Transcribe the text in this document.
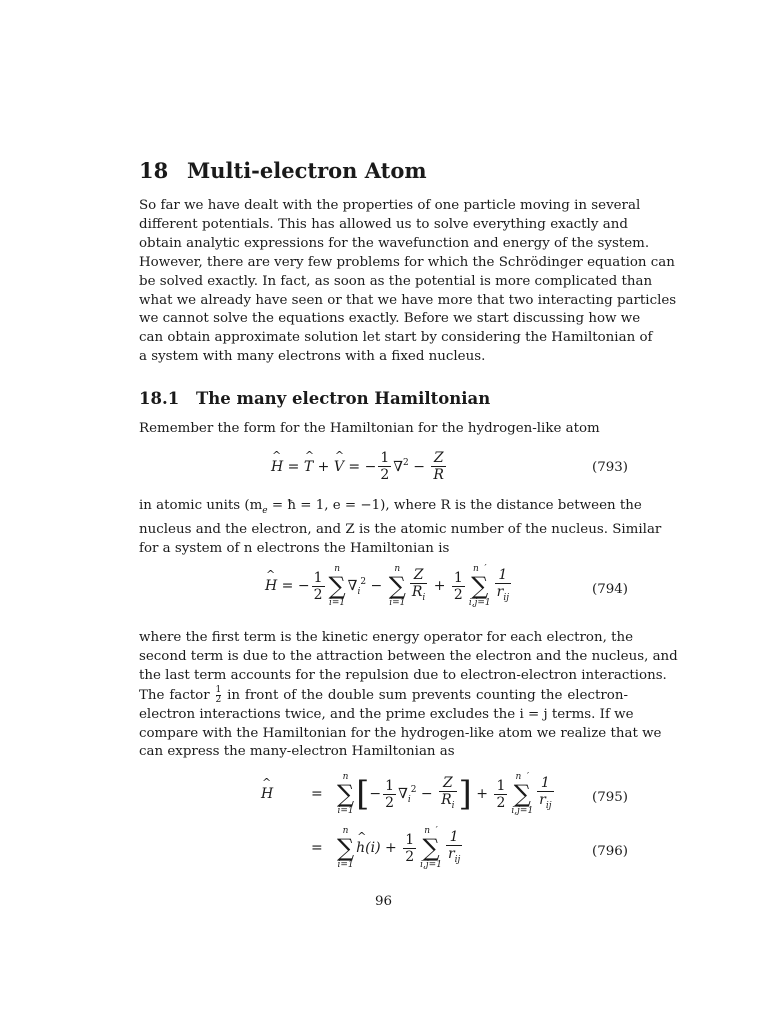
18 Multi-electron Atom
So far we have dealt with the properties of one particle moving in several
different potentials. This has allowed us to solve everything exactly and
obtain analytic expressions for the wavefunction and energy of the system.
However, there are very few problems for which the Schrödinger equation can
be solved exactly. In fact, as soon as the potential is more complicated than
what we already have seen or that we have more that two interacting particles
we cannot solve the equations exactly. Before we start discussing how we
can obtain approximate solution let start by considering the Hamiltonian of
a system with many electrons with a fixed nucleus.
18.1 The many electron Hamiltonian
Remember the form for the Hamiltonian for the hydrogen-like atom
^ H = ^ T + ^ V = − $\frac{1}{2} \nabla^2 - \frac{Z}{R}$	(793)
in atomic units ($m_e$ = ħ = 1, e = −1), where R is the distance between the
nucleus and the electron, and Z is the atomic number of the nucleus. Similar
for a system of n electrons the Hamiltonian is
^ H = − $\frac{1}{2}$
n
∑
i=1
$\nabla_i^2$ −
n
∑
$i=1 \frac{Z}{R_i} + \frac{1}{2}$
n  ′
∑
$i,j=1 \frac{1}{r_{ij}}$	(794)
where the first term is the kinetic energy operator for each electron, the
second term is due to the attraction between the electron and the nucleus, and
the last term accounts for the repulsion due to electron-electron interactions.
The factor $\frac{1}{2}$ in front of the double sum prevents counting the electron-
electron interactions twice, and the prime excludes the i = j terms. If we
compare with the Hamiltonian for the hydrogen-like atom we realize that we
can express the many-electron Hamiltonian as
^ H	=
n
∑
i=1 [− $\frac{1}{2} \nabla_i^2 - \frac{Z}{R_i}$ ] + $\frac{1}{2}$
n  ′
∑
$i,j=1 \frac{1}{r_{ij}}$	(795)
=
n
∑
i=1
^ $h(i) + \frac{1}{2}$
n  ′
∑
$i,j=1 \frac{1}{r_{ij}}$	(796)
96
